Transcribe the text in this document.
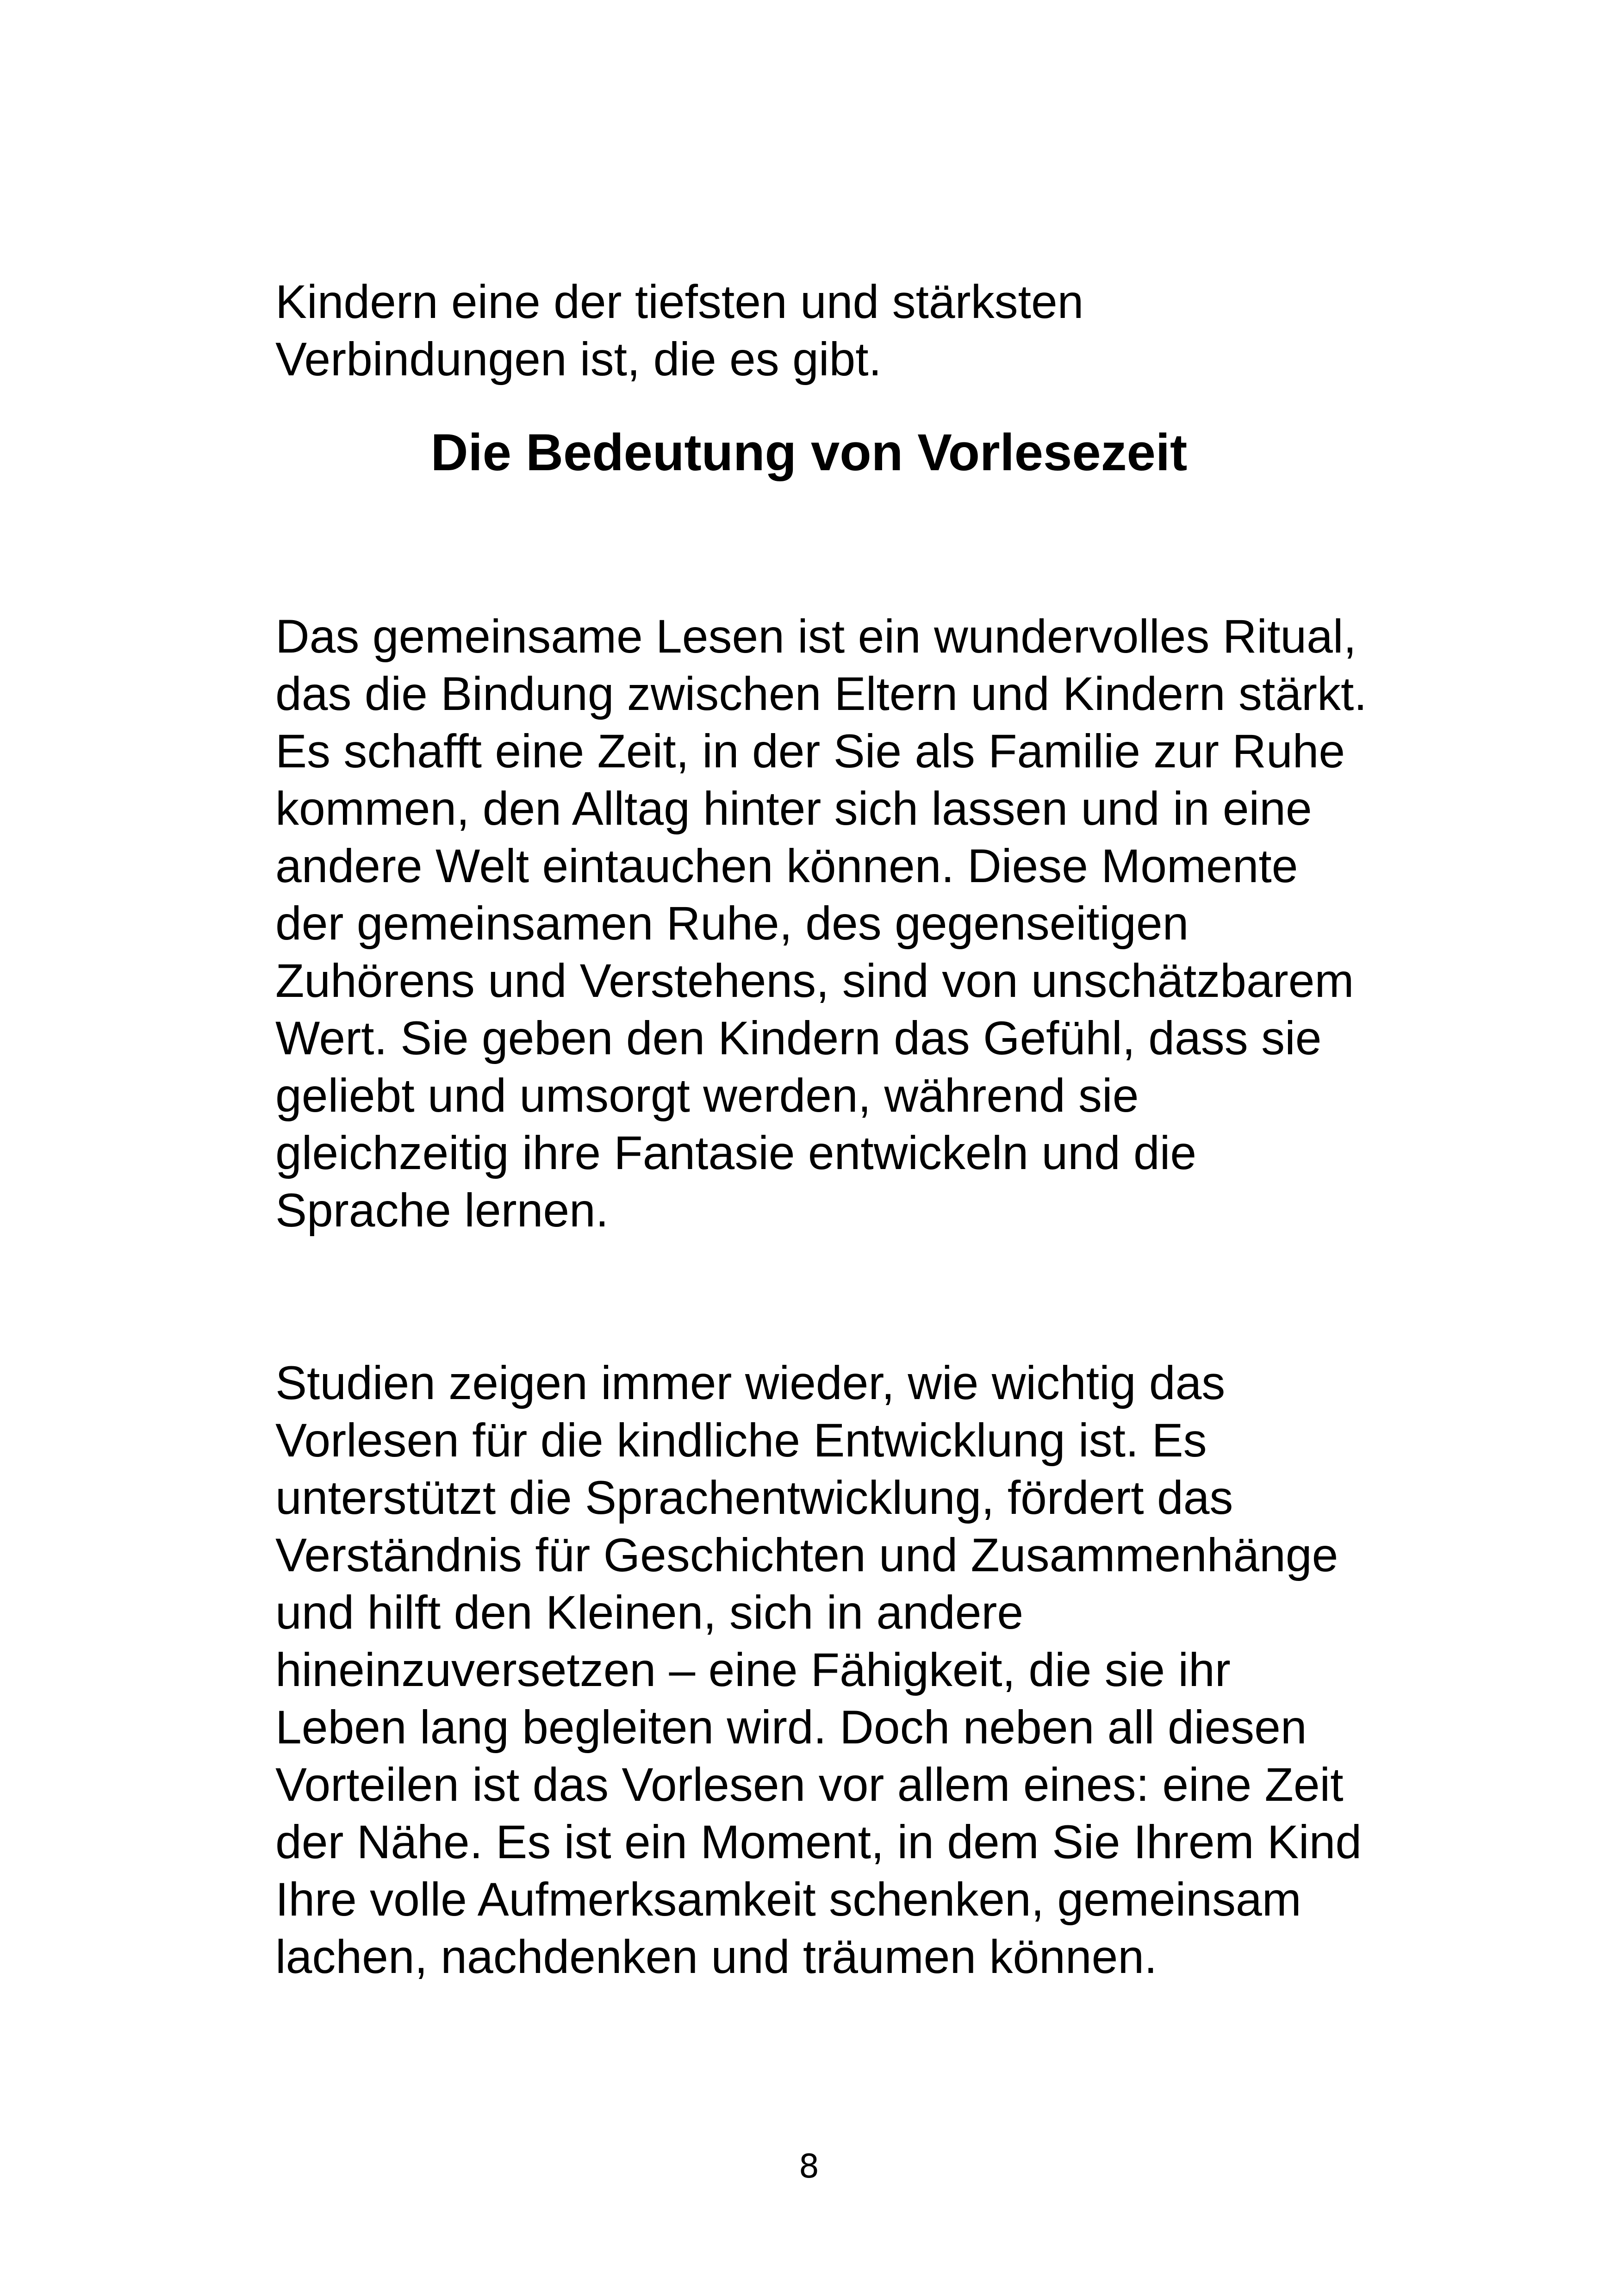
Kindern eine der tiefsten und stärksten

Verbindungen ist, die es gibt.

Die Bedeutung von Vorlesezeit

Das gemeinsame Lesen ist ein wundervolles Ritual,

das die Bindung zwischen Eltern und Kindern stärkt.

Es schafft eine Zeit, in der Sie als Familie zur Ruhe

kommen, den Alltag hinter sich lassen und in eine

andere Welt eintauchen können. Diese Momente

der gemeinsamen Ruhe, des gegenseitigen

Zuhörens und Verstehens, sind von unschätzbarem

Wert. Sie geben den Kindern das Gefühl, dass sie

geliebt und umsorgt werden, während sie

gleichzeitig ihre Fantasie entwickeln und die

Sprache lernen.

Studien zeigen immer wieder, wie wichtig das

Vorlesen für die kindliche Entwicklung ist. Es

unterstützt die Sprachentwicklung, fördert das

Verständnis für Geschichten und Zusammenhänge

und hilft den Kleinen, sich in andere

hineinzuversetzen – eine Fähigkeit, die sie ihr

Leben lang begleiten wird. Doch neben all diesen

Vorteilen ist das Vorlesen vor allem eines: eine Zeit

der Nähe. Es ist ein Moment, in dem Sie Ihrem Kind

Ihre volle Aufmerksamkeit schenken, gemeinsam

lachen, nachdenken und träumen können.

8
